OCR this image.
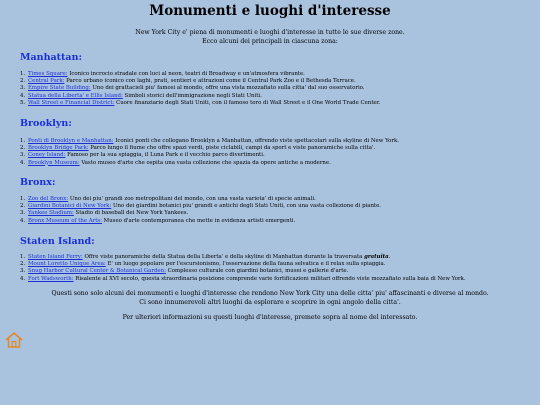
Monumenti e luoghi d'interesse
New York City e' piena di monumenti e luoghi d'interesse in tutte le sue diverse zone.
Ecco alcuni dei principali in ciascuna zona:
Manhattan:
1. Times Square: Iconico incrocio stradale con luci al neon, teatri di Broadway e un'atmosfera vibrante.
2. Central Park: Parco urbano iconico con laghi, prati, sentieri e attrazioni come il Central Park Zoo e il Bethesda Terrace.
3. Empire State Building: Uno dei grattacieli piu' famosi al mondo, offre una vista mozzafiato sulla citta' dal suo osservatorio.
4. Statua della Liberta' e Ellis Island: Simboli storici dell'immigrazione negli Stati Uniti.
5. Wall Street e Financial District: Cuore finanziario degli Stati Uniti, con il famoso toro di Wall Street e il One World Trade Center.
Brooklyn:
1. Ponti di Brooklyn e Manhattan: Iconici ponti che collegano Brooklyn a Manhattan, offrendo viste spettacolari sulla skyline di New York.
2. Brooklyn Bridge Park: Parco lungo il fiume che offre spazi verdi, piste ciclabili, campi da sport e viste panoramiche sulla citta'.
3. Coney Island: Famoso per la sua spiaggia, il Luna Park e il vecchio parco divertimenti.
4. Brooklyn Museum: Vasto museo d'arte che ospita una vasta collezione che spazia da opere antiche a moderne.
Bronx:
1. Zoo del Bronx: Uno dei piu' grandi zoo metropolitani del mondo, con una vasta varieta' di specie animali.
2. Giardini Botanici di New York: Uno dei giardini botanici piu' grandi e antichi degli Stati Uniti, con una vasta collezione di piante.
3. Yankee Stadium: Stadio di baseball dei New York Yankees.
4. Bronx Museum of the Arts: Museo d'arte contemporanea che mette in evidenza artisti emergenti.
Staten Island:
1. Staten Island Ferry: Offre viste panoramiche della Statua della Liberta' e della skyline di Manhattan durante la traversata gratuita.
2. Mount Loretto Unique Area: E' un luogo popolare per l'escursionismo, l'osservazione della fauna selvatica e il relax sulla spiaggia.
3. Snug Harbor Cultural Center & Botanical Garden: Complesso culturale con giardini botanici, musei e gallerie d'arte.
4. Fort Wadsworth: Risalente al XVI secolo, questa straordinaria posizione comprende varie fortificazioni militari offrendo viste mozzafiato sulla baia di New York.
Questi sono solo alcuni dei monumenti e luoghi d'interesse che rendono New York City una delle citta' piu' affascinanti e diverse al mondo.
Ci sono innumerevoli altri luoghi da esplorare e scoprire in ogni angolo della citta'.
Per ulteriori informazioni su questi luoghi d'interesse, premete sopra al nome del interessato.
